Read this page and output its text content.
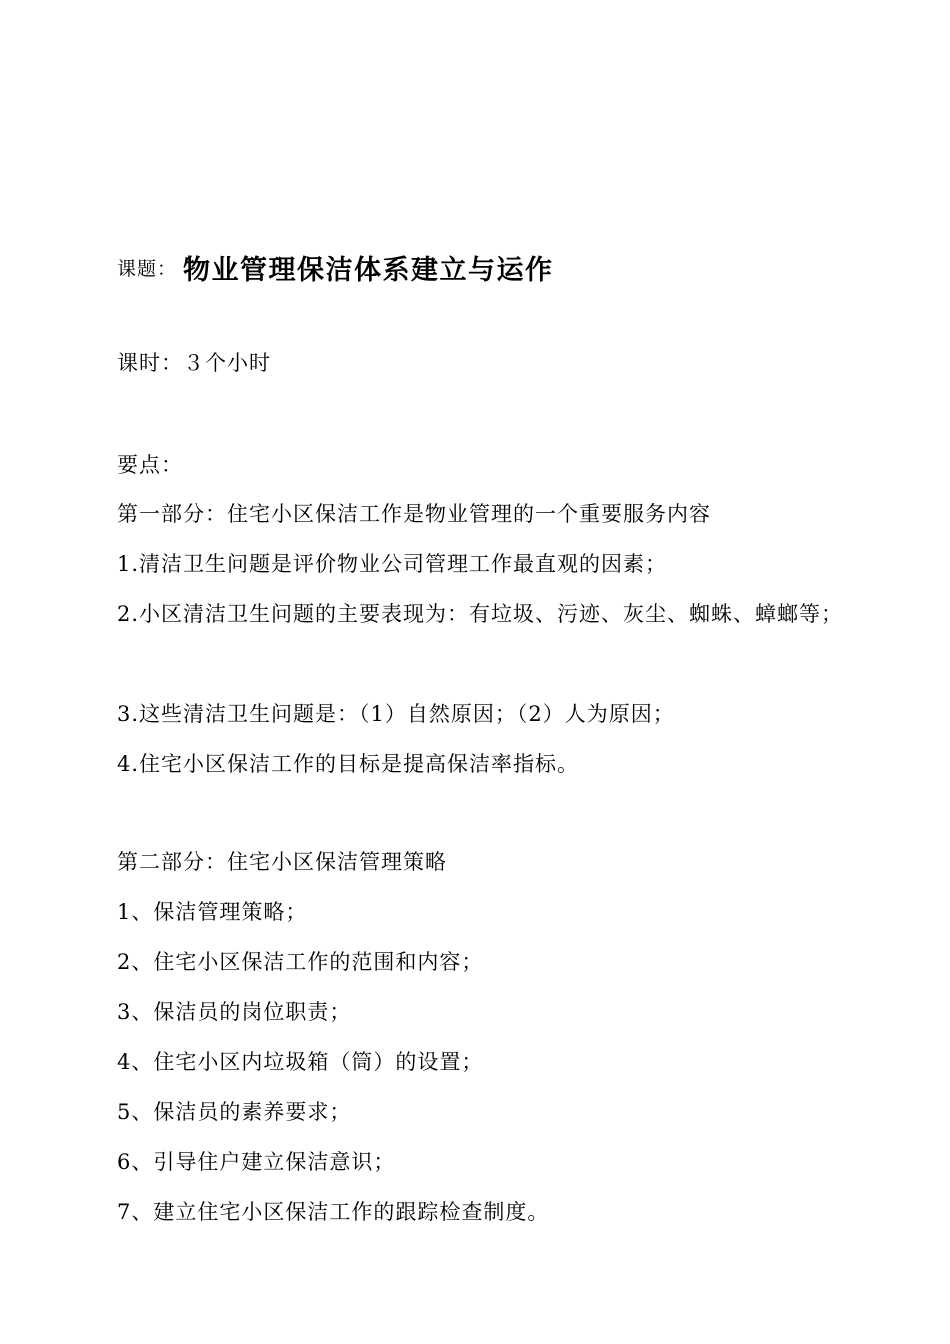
课题： 物业管理保洁体系建立与运作
课时：３个小时
要点：
第一部分：住宅小区保洁工作是物业管理的一个重要服务内容
1.清洁卫生问题是评价物业公司管理工作最直观的因素；
2.小区清洁卫生问题的主要表现为：有垃圾、污迹、灰尘、蜘蛛、蟑螂等；
3.这些清洁卫生问题是：（1）自然原因；（2）人为原因；
4.住宅小区保洁工作的目标是提高保洁率指标。
第二部分：住宅小区保洁管理策略
1、保洁管理策略；
2、住宅小区保洁工作的范围和内容；
3、保洁员的岗位职责；
4、住宅小区内垃圾箱（筒）的设置；
5、保洁员的素养要求；
6、引导住户建立保洁意识；
7、建立住宅小区保洁工作的跟踪检查制度。
